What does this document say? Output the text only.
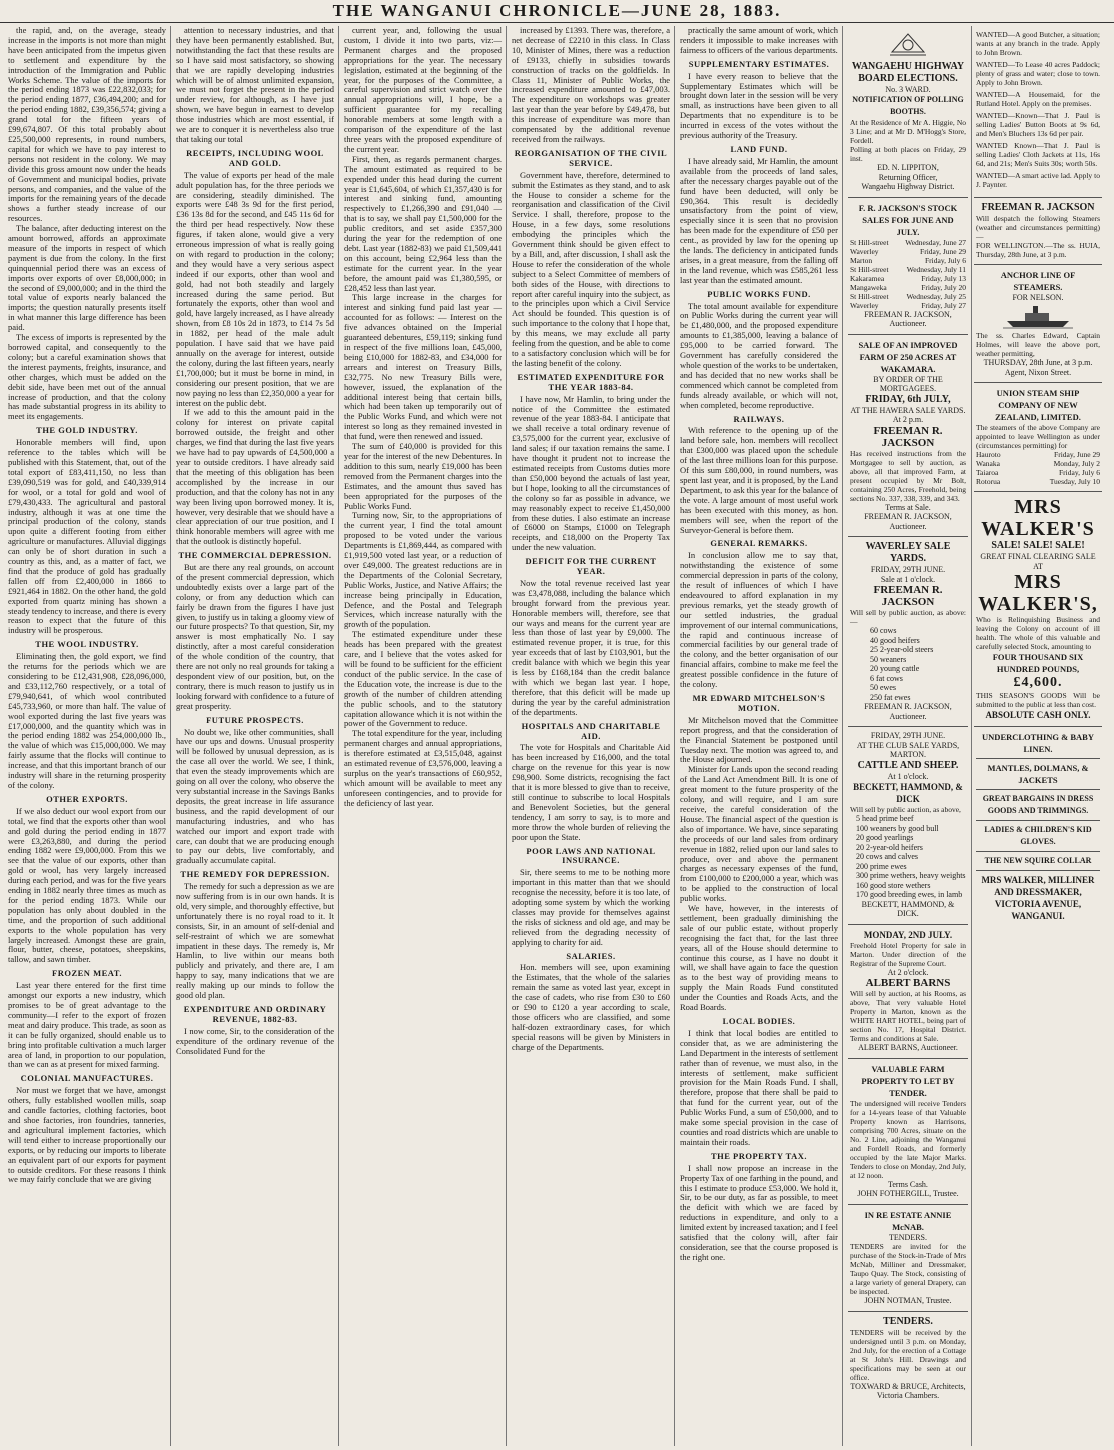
THE WANGANUI CHRONICLE—JUNE 28, 1883.

the rapid, and, on the average, steady increase in the imports is not more than might have been anticipated from the impetus given to settlement and expenditure by the introduction of the Immigration and Public Works Scheme. The value of the imports for the period ending 1873 was £22,832,033; for the period ending 1877, £36,494,200; and for the period ending 1882, £39,356,574; giving a grand total for the fifteen years of £99,674,807. Of this total probably about £25,500,000 represents, in round numbers, capital for which we have to pay interest to persons not resident in the colony. We may divide this gross amount now under the heads of Government and municipal bodies, private persons, and companies, and the value of the imports for the remaining years of the decade shows a further steady increase of our resources.

The balance, after deducting interest on the amount borrowed, affords an approximate measure of the imports in respect of which payment is due from the colony. In the first quinquennial period there was an excess of imports over exports of over £8,000,000; in the second of £9,000,000; and in the third the total value of exports nearly balanced the imports; the question naturally presents itself in what manner this large difference has been paid.

The excess of imports is represented by the borrowed capital, and consequently to the colony; but a careful examination shows that the interest payments, freights, insurance, and other charges, which must be added on the debit side, have been met out of the annual increase of production, and that the colony has made substantial progress in its ability to meet its engagements.

THE GOLD INDUSTRY.

Honorable members will find, upon reference to the tables which will be published with this Statement, that, out of the total export of £83,411,150, no less than £39,090,519 was for gold, and £40,339,914 for wool, or a total for gold and wool of £79,430,433. The agricultural and pastoral industry, although it was at one time the principal production of the colony, stands upon quite a different footing from either agriculture or manufactures. Alluvial diggings can only be of short duration in such a country as this, and, as a matter of fact, we find that the produce of gold has gradually fallen off from £2,400,000 in 1866 to £921,464 in 1882. On the other hand, the gold exported from quartz mining has shown a steady tendency to increase, and there is every reason to expect that the future of this industry will be prosperous.

THE WOOL INDUSTRY.

Eliminating then, the gold export, we find the returns for the periods which we are considering to be £12,431,908, £28,096,000, and £33,112,760 respectively, or a total of £79,940,641, of which wool contributed £45,733,960, or more than half. The value of wool exported during the last five years was £17,000,000, and the quantity which was in the period ending 1882 was 254,000,000 lb., the value of which was £15,000,000. We may fairly assume that the flocks will continue to increase, and that this important branch of our industry will share in the returning prosperity of the colony.

OTHER EXPORTS.

If we also deduct our wool export from our total, we find that the exports other than wool and gold during the period ending in 1877 were £3,263,880, and during the period ending 1882 were £9,000,000. From this we see that the value of our exports, other than gold or wool, has very largely increased during each period, and was for the five years ending in 1882 nearly three times as much as for the period ending 1873. While our population has only about doubled in the time, and the proportion of such additional exports to the whole population has very largely increased. Amongst these are grain, flour, butter, cheese, potatoes, sheepskins, tallow, and sawn timber.

FROZEN MEAT.

Last year there entered for the first time amongst our exports a new industry, which promises to be of great advantage to the community—I refer to the export of frozen meat and dairy produce. This trade, as soon as it can be fully organized, should enable us to bring into profitable cultivation a much larger area of land, in proportion to our population, than we can as at present for mixed farming.

COLONIAL MANUFACTURES.

Nor must we forget that we have, amongst others, fully established woollen mills, soap and candle factories, clothing factories, boot and shoe factories, iron foundries, tanneries, and agricultural implement factories, which will tend either to increase proportionally our exports, or by reducing our imports to liberate an equivalent part of our exports for payment to outside creditors. For these reasons I think we may fairly conclude that we are giving

attention to necessary industries, and that they have been permanently established. But, notwithstanding the fact that these results are so I have said most satisfactory, so showing that we are rapidly developing industries which will be of almost unlimited expansion, we must not forget the present in the period under review, for although, as I have just shown, we have begun in earnest to develop those industries which are most essential, if we are to conquer it is nevertheless also true that taking our total

RECEIPTS, INCLUDING WOOL AND GOLD.

The value of exports per head of the male adult population has, for the three periods we are considering, steadily diminished. The exports were £48 3s 9d for the first period, £36 13s 8d for the second, and £45 11s 6d for the third per head respectively. Now these figures, if taken alone, would give a very erroneous impression of what is really going on with regard to production in the colony; and they would have a very serious aspect indeed if our exports, other than wool and gold, had not both steadily and largely increased during the same period. But fortunately the exports, other than wool and gold, have largely increased, as I have already shown, from £8 10s 2d in 1873, to £14 7s 5d in 1882, per head of the male adult population. I have said that we have paid annually on the average for interest, outside the colony, during the last fifteen years, nearly £1,700,000; but it must be borne in mind, in considering our present position, that we are now paying no less than £2,350,000 a year for interest on the public debt.

If we add to this the amount paid in the colony for interest on private capital borrowed outside, the freight and other charges, we find that during the last five years we have had to pay upwards of £4,500,000 a year to outside creditors. I have already said that the meeting of this obligation has been accomplished by the increase in our production, and that the colony has not in any way been living upon borrowed money. It is, however, very desirable that we should have a clear appreciation of our true position, and I think honorable members will agree with me that the outlook is distinctly hopeful.

THE COMMERCIAL DEPRESSION.

But are there any real grounds, on account of the present commercial depression, which undoubtedly exists over a large part of the colony, or from any deduction which can fairly be drawn from the figures I have just given, to justify us in taking a gloomy view of our future prospects? To that question, Sir, my answer is most emphatically No. I say distinctly, after a most careful consideration of the whole condition of the country, that there are not only no real grounds for taking a despondent view of our position, but, on the contrary, there is much reason to justify us in looking forward with confidence to a future of great prosperity.

FUTURE PROSPECTS.

No doubt we, like other communities, shall have our ups and downs. Unusual prosperity will be followed by unusual depression, as is the case all over the world. We see, I think, that even the steady improvements which are going on all over the colony, who observe the very substantial increase in the Savings Banks deposits, the great increase in life assurance business, and the rapid development of our manufacturing industries, and who has watched our import and export trade with care, can doubt that we are producing enough to pay our debts, live comfortably, and gradually accumulate capital.

THE REMEDY FOR DEPRESSION.

The remedy for such a depression as we are now suffering from is in our own hands. It is old, very simple, and thoroughly effective, but unfortunately there is no royal road to it. It consists, Sir, in an amount of self-denial and self-restraint of which we are somewhat impatient in these days. The remedy is, Mr Hamlin, to live within our means both publicly and privately, and there are, I am happy to say, many indications that we are really making up our minds to follow the good old plan.

EXPENDITURE AND ORDINARY REVENUE, 1882-83.

I now come, Sir, to the consideration of the expenditure of the ordinary revenue of the Consolidated Fund for the

current year, and, following the usual custom, I divide it into two parts, viz:— Permanent charges and the proposed appropriations for the year. The necessary legislation, estimated at the beginning of the year, for the purposes of the Committee, a careful supervision and strict watch over the annual appropriations will, I hope, be a sufficient guarantee for my recalling honorable members at some length with a comparison of the expenditure of the last three years with the proposed expenditure of the current year.

First, then, as regards permanent charges. The amount estimated as required to be expended under this head during the current year is £1,645,604, of which £1,357,430 is for interest and sinking fund, amounting respectively to £1,266,390 and £91,040 — that is to say, we shall pay £1,500,000 for the public creditors, and set aside £357,300 during the year for the redemption of one debt. Last year (1882-83) we paid £1,509,441 on this account, being £2,964 less than the estimate for the current year. In the year before, the amount paid was £1,380,595, or £28,452 less than last year.

This large increase in the charges for interest and sinking fund paid last year — accounted for as follows: — Interest on the five advances obtained on the Imperial guaranteed debentures, £59,119; sinking fund in respect of the five millions loan, £45,000, being £10,000 for 1882-83, and £34,000 for arrears and interest on Treasury Bills, £32,775. No new Treasury Bills were, however, issued, the explanation of the additional interest being that certain bills, which had been taken up temporarily out of the Public Works Fund, and which were not interest so long as they remained invested in that fund, were then renewed and issued.

The sum of £40,000 is provided for this year for the interest of the new Debentures. In addition to this sum, nearly £19,000 has been removed from the Permanent charges into the Estimates, and the amount thus saved has been appropriated for the purposes of the Public Works Fund.

Turning now, Sir, to the appropriations of the current year, I find the total amount proposed to be voted under the various Departments is £1,869,444, as compared with £1,919,500 voted last year, or a reduction of over £49,000. The greatest reductions are in the Departments of the Colonial Secretary, Public Works, Justice, and Native Affairs; the increase being principally in Education, Defence, and the Postal and Telegraph Services, which increase naturally with the growth of the population.

The estimated expenditure under these heads has been prepared with the greatest care, and I believe that the votes asked for will be found to be sufficient for the efficient conduct of the public service. In the case of the Education vote, the increase is due to the growth of the number of children attending the public schools, and to the statutory capitation allowance which it is not within the power of the Government to reduce.

The total expenditure for the year, including permanent charges and annual appropriations, is therefore estimated at £3,515,048, against an estimated revenue of £3,576,000, leaving a surplus on the year's transactions of £60,952, which amount will be available to meet any unforeseen contingencies, and to provide for the deficiency of last year.

increased by £1393. There was, therefore, a net decrease of £2210 in this class. In Class 10, Minister of Mines, there was a reduction of £9133, chiefly in subsidies towards construction of tracks on the goldfields. In Class 11, Minister of Public Works, the increased expenditure amounted to £47,003. The expenditure on workshops was greater last year than the year before by £49,478, but this increase of expenditure was more than compensated by the additional revenue received from the railways.

REORGANISATION OF THE CIVIL SERVICE.

Government have, therefore, determined to submit the Estimates as they stand, and to ask the House to consider a scheme for the reorganisation and classification of the Civil Service. I shall, therefore, propose to the House, in a few days, some resolutions embodying the principles which the Government think should be given effect to by a Bill, and, after discussion, I shall ask the House to refer the consideration of the whole subject to a Select Committee of members of both sides of the House, with directions to report after careful inquiry into the subject, as to the principles upon which a Civil Service Act should be founded. This question is of such importance to the colony that I hope that, by this means, we may exclude all party feeling from the question, and be able to come to a satisfactory conclusion which will be for the lasting benefit of the colony.

ESTIMATED EXPENDITURE FOR THE YEAR 1883-84.

I have now, Mr Hamlin, to bring under the notice of the Committee the estimated revenue of the year 1883-84. I anticipate that we shall receive a total ordinary revenue of £3,575,000 for the current year, exclusive of land sales; if our taxation remains the same. I have thought it prudent not to increase the estimated receipts from Customs duties more than £50,000 beyond the actuals of last year, but I hope, looking to all the circumstances of the colony so far as possible in advance, we may reasonably expect to receive £1,450,000 from these duties. I also estimate an increase of £6000 on Stamps, £1000 on Telegraph receipts, and £18,000 on the Property Tax under the new valuation.

DEFICIT FOR THE CURRENT YEAR.

Now the total revenue received last year was £3,478,088, including the balance which brought forward from the previous year. Honorable members will, therefore, see that our ways and means for the current year are less than those of last year by £9,000. The estimated revenue proper, it is true, for this year exceeds that of last by £103,901, but the credit balance with which we begin this year is less by £168,184 than the credit balance with which we began last year. I hope, therefore, that this deficit will be made up during the year by the careful administration of the departments.

HOSPITALS AND CHARITABLE AID.

The vote for Hospitals and Charitable Aid has been increased by £16,000, and the total charge on the revenue for this year is now £98,900. Some districts, recognising the fact that it is more blessed to give than to receive, still continue to subscribe to local Hospitals and Benevolent Societies, but the general tendency, I am sorry to say, is to more and more throw the whole burden of relieving the poor upon the State.

POOR LAWS AND NATIONAL INSURANCE.

Sir, there seems to me to be nothing more important in this matter than that we should recognise the necessity, before it is too late, of adopting some system by which the working classes may provide for themselves against the risks of sickness and old age, and may be relieved from the degrading necessity of applying to charity for aid.

SALARIES.

Hon. members will see, upon examining the Estimates, that the whole of the salaries remain the same as voted last year, except in the case of cadets, who rise from £30 to £60 or £90 to £120 a year according to scale, those officers who are classified, and some half-dozen extraordinary cases, for which special reasons will be given by Ministers in charge of the Departments.

practically the same amount of work, which renders it impossible to make increases with fairness to officers of the various departments.

SUPPLEMENTARY ESTIMATES.

I have every reason to believe that the Supplementary Estimates which will be brought down later in the session will be very small, as instructions have been given to all Departments that no expenditure is to be incurred in excess of the votes without the previous authority of the Treasury.

LAND FUND.

I have already said, Mr Hamlin, the amount available from the proceeds of land sales, after the necessary charges payable out of the fund have been deducted, will only be £90,364. This result is decidedly unsatisfactory from the point of view, especially since it is seen that no provision has been made for the expenditure of £50 per cent., as provided by law for the opening up the lands. The deficiency in anticipated funds arises, in a great measure, from the falling off in the land revenue, which was £585,261 less last year than the estimated amount.

PUBLIC WORKS FUND.

The total amount available for expenditure on Public Works during the current year will be £1,480,000, and the proposed expenditure amounts to £1,385,000, leaving a balance of £95,000 to be carried forward. The Government has carefully considered the whole question of the works to be undertaken, and has decided that no new works shall be commenced which cannot be completed from funds already available, or which will not, when completed, become reproductive.

RAILWAYS.

With reference to the opening up of the land before sale, hon. members will recollect that £300,000 was placed upon the schedule of the last three millions loan for this purpose. Of this sum £80,000, in round numbers, was spent last year, and it is proposed, by the Land Department, to ask this year for the balance of the vote. A large amount of most useful work has been executed with this money, as hon. members will see, when the report of the Surveyor-General is before them.

GENERAL REMARKS.

In conclusion allow me to say that, notwithstanding the existence of some commercial depression in parts of the colony, the result of influences of which I have endeavoured to afford explanation in my previous remarks, yet the steady growth of our settled industries, the gradual improvement of our internal communications, the rapid and continuous increase of commercial facilities by our general trade of the colony, and the better organisation of our financial affairs, combine to make me feel the greatest possible confidence in the future of the colony.

MR EDWARD MITCHELSON'S MOTION.

Mr Mitchelson moved that the Committee report progress, and that the consideration of the Financial Statement be postponed until Tuesday next. The motion was agreed to, and the House adjourned.

Minister for Lands upon the second reading of the Land Act Amendment Bill. It is one of great moment to the future prosperity of the colony, and will require, and I am sure receive, the careful consideration of the House. The financial aspect of the question is also of importance. We have, since separating the proceeds of our land sales from ordinary revenue in 1882, relied upon our land sales to produce, over and above the permanent charges as necessary expenses of the fund, from £100,000 to £200,000 a year, which was to be applied to the construction of local public works.

We have, however, in the interests of settlement, been gradually diminishing the sale of our public estate, without properly recognising the fact that, for the last three years, all of the House should determine to continue this course, as I have no doubt it will, we shall have again to face the question as to the best way of providing means to supply the Main Roads Fund constituted under the Counties and Roads Acts, and the Road Boards.

LOCAL BODIES.

I think that local bodies are entitled to consider that, as we are administering the Land Department in the interests of settlement rather than of revenue, we must also, in the interests of settlement, make sufficient provision for the Main Roads Fund. I shall, therefore, propose that there shall be paid to that fund for the current year, out of the Public Works Fund, a sum of £50,000, and to make some special provision in the case of counties and road districts which are unable to maintain their roads.

THE PROPERTY TAX.

I shall now propose an increase in the Property Tax of one farthing in the pound, and this I estimate to produce £53,000. We hold it, Sir, to be our duty, as far as possible, to meet the deficit with which we are faced by reductions in expenditure, and only to a limited extent by increased taxation; and I feel satisfied that the colony will, after fair consideration, see that the course proposed is the right one.

WANGAEHU HIGHWAY BOARD ELECTIONS.
No. 3 WARD.
NOTIFICATION OF POLLING BOOTHS.
At the Residence of Mr A. Higgie, No 3 Line; and at Mr D. M'Hogg's Store, Fordell.
Polling at both places on Friday, 29 inst.
ED. N. LIPPITON,
Returning Officer,
Wangaehu Highway District.
F. R. JACKSON'S STOCK SALES FOR JUNE AND JULY.
St Hill-street Wednesday, June 27
Waverley	Friday, June 29
Marton	Friday, July 6
St Hill-street Wednesday, July 11
Kakaramea	Friday, July 13
Mangaweka	Friday, July 20
St Hill-street Wednesday, July 25
Waverley	Friday, July 27
FREEMAN R. JACKSON,
Auctioneer.
SALE OF AN IMPROVED FARM OF 250 ACRES AT WAKAMARA.
BY ORDER OF THE MORTGAGEES.
FRIDAY, 6th JULY,
AT THE HAWERA SALE YARDS.
At 2 p.m.
FREEMAN R. JACKSON
Has received instructions from the Mortgagee to sell by auction, as above, all that improved Farm, at present occupied by Mr Bolt, containing 250 Acres, Freehold, being sections No. 337, 338, 339, and 343.
Terms at Sale.
FREEMAN R. JACKSON,
Auctioneer.
WAVERLEY SALE YARDS.
FRIDAY, 29TH JUNE.
Sale at 1 o'clock.
FREEMAN R. JACKSON
Will sell by public auction, as above:—
60 cows
40 good heifers
25 2-year-old steers
50 weaners
20 young cattle
6 fat cows
50 ewes
250 fat ewes
FREEMAN R. JACKSON,
Auctioneer.
FRIDAY, 29TH JUNE.
AT THE CLUB SALE YARDS, MARTON.
CATTLE AND SHEEP.
At 1 o'clock.
BECKETT, HAMMOND, & DICK
Will sell by public auction, as above,
5 head prime beef
100 weaners by good bull
20 good yearlings
20 2-year-old heifers
20 cows and calves
200 prime ewes
300 prime wethers, heavy weights
160 good store wethers
170 good breeding ewes, in lamb
BECKETT, HAMMOND, & DICK.
MONDAY, 2ND JULY.
Freehold Hotel Property for sale in Marton. Under direction of the Registrar of the Supreme Court.
At 2 o'clock.
ALBERT BARNS
Will sell by auction, at his Rooms, as above, That very valuable Hotel Property in Marton, known as the WHITE HART HOTEL, being part of section No. 17, Hospital District. Terms and conditions at Sale.
ALBERT BARNS, Auctioneer.
VALUABLE FARM PROPERTY TO LET BY TENDER.
The undersigned will receive Tenders for a 14-years lease of that Valuable Property known as Harrisons, comprising 700 Acres, situate on the No. 2 Line, adjoining the Wanganui and Fordell Roads, and formerly occupied by the late Major Marks. Tenders to close on Monday, 2nd July, at 12 noon.
Terms Cash.
JOHN FOTHERGILL, Trustee.
IN RE ESTATE ANNIE McNAB.
TENDERS.
TENDERS are invited for the purchase of the Stock-in-Trade of Mrs McNab, Milliner and Dressmaker, Taupo Quay. The Stock, consisting of a large variety of general Drapery, can be inspected.
JOHN NOTMAN, Trustee.
TENDERS.
TENDERS will be received by the undersigned until 3 p.m. on Monday, 2nd July, for the erection of a Cottage at St John's Hill. Drawings and specifications may be seen at our office.
TOXWARD & BRUCE, Architects, Victoria Chambers.
WANTED—A good Butcher, a situation; wants at any branch in the trade. Apply to John Brown.
WANTED—To Lease 40 acres Paddock; plenty of grass and water; close to town. Apply to John Brown.
WANTED—A Housemaid, for the Rutland Hotel. Apply on the premises.
WANTED—Known—That J. Paul is selling Ladies' Button Boots at 9s 6d, and Men's Bluchers 13s 6d per pair.
WANTED Known—That J. Paul is selling Ladies' Cloth Jackets at 11s, 16s 6d, and 21s; Men's Suits 30s; worth 50s.
WANTED—A smart active lad. Apply to J. Paynter.
FREEMAN R. JACKSON
Will despatch the following Steamers (weather and circumstances permitting)—
FOR WELLINGTON.—The ss. HUIA, Thursday, 28th June, at 3 p.m.
ANCHOR LINE OF STEAMERS.
FOR NELSON.
The ss. Charles Edward, Captain Holmes, will leave the above port, weather permitting,
THURSDAY, 28th June, at 3 p.m.
Agent, Nixon Street.
UNION STEAM SHIP COMPANY OF NEW ZEALAND, LIMITED.
The steamers of the above Company are appointed to leave Wellington as under (circumstances permitting) for
Hauroto	Friday, June 29
Wanaka	Monday, July 2
Taiaroa	Friday, July 6
Rotorua	Tuesday, July 10
MRS WALKER'S
SALE! SALE! SALE!
GREAT FINAL CLEARING SALE AT
MRS WALKER'S,
Who is Relinquishing Business and leaving the Colony on account of ill health. The whole of this valuable and carefully selected Stock, amounting to
FOUR THOUSAND SIX HUNDRED POUNDS,
£4,600.
THIS SEASON'S GOODS Will be submitted to the public at less than cost.
ABSOLUTE CASH ONLY.
UNDERCLOTHING & BABY LINEN.
MANTLES, DOLMANS, & JACKETS
GREAT BARGAINS IN DRESS GOODS AND TRIMMINGS.
LADIES & CHILDREN'S KID GLOVES.
THE NEW SQUIRE COLLAR
MRS WALKER, MILLINER AND DRESSMAKER, VICTORIA AVENUE, WANGANUI.
